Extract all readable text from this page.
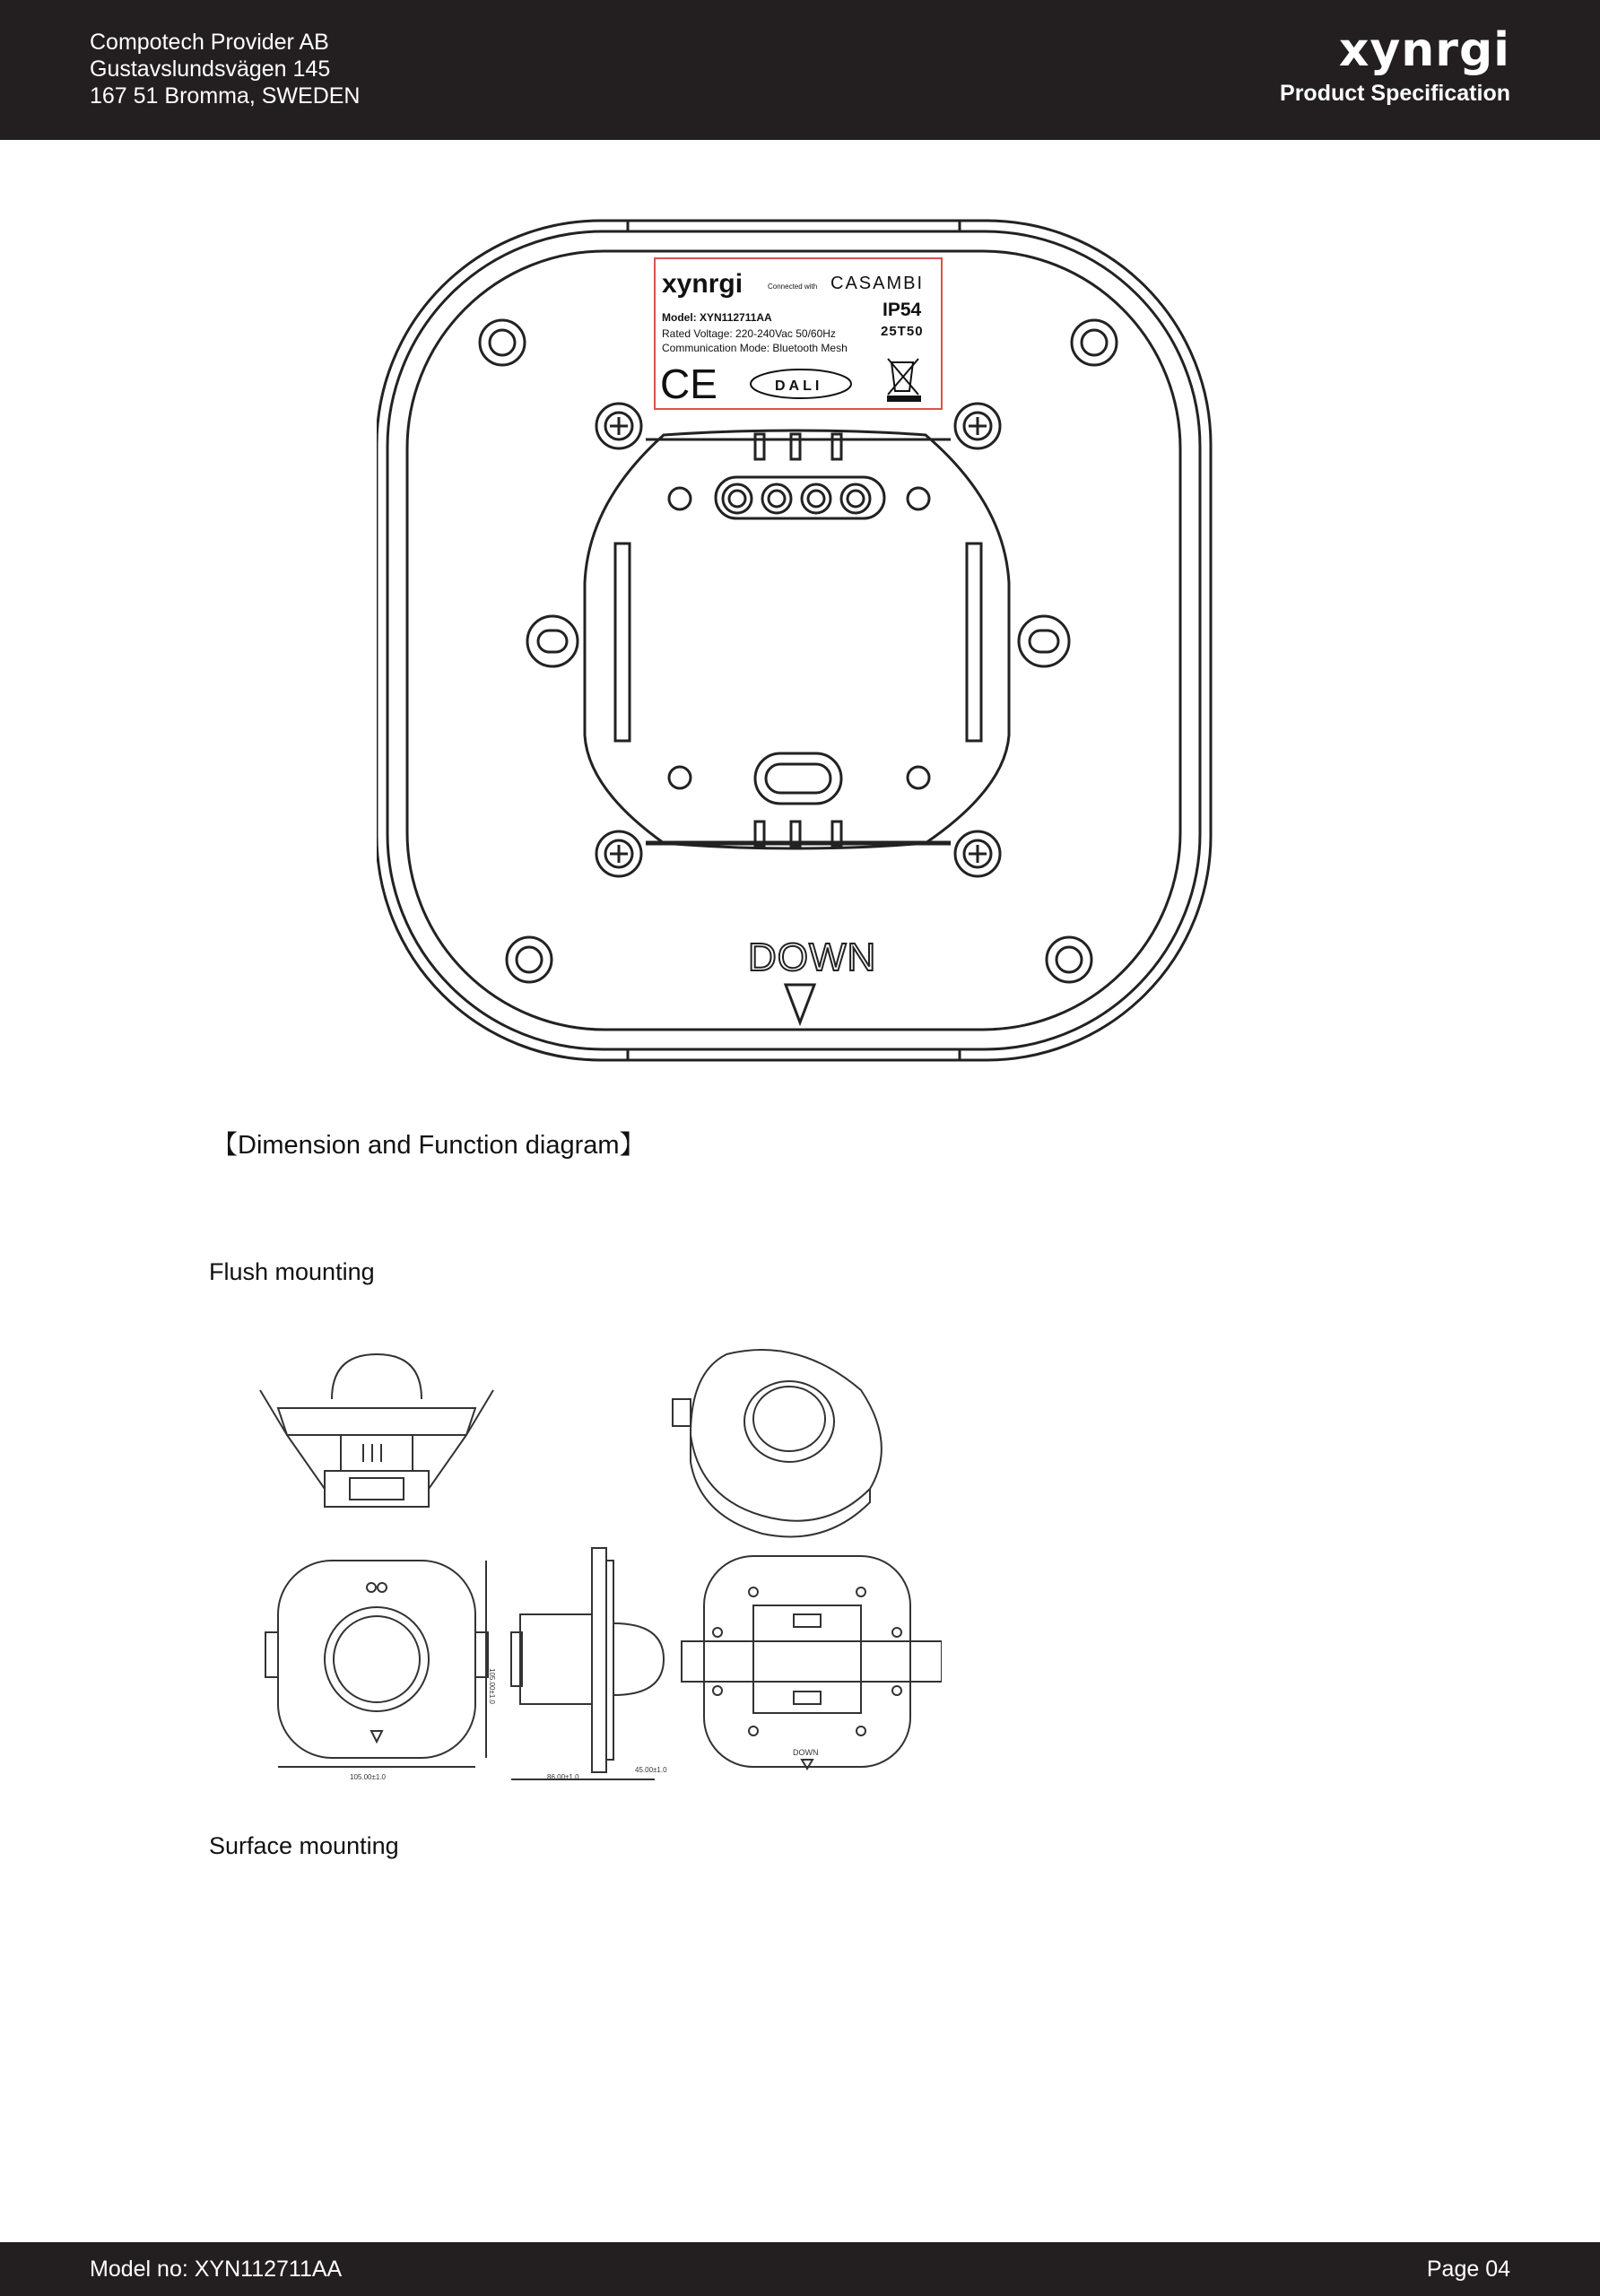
Compotech Provider AB
Gustavslundsvägen 145
167 51 Bromma, SWEDEN
xynrgi
Product Specification
xynrgi	Connected with CASAMBI
Model: XYN112711AA
Rated Voltage: 220-240Vac 50/60Hz
Communication Mode: Bluetooth Mesh
IP54
25T50
CE	DALI
DOWN
【Dimension and Function diagram】
Flush mounting
105.00±1.0	86.00±1.0
45.00±1.0
105.00±1.0
DOWN
Surface mounting
Model no: XYN112711AA	Page 04
